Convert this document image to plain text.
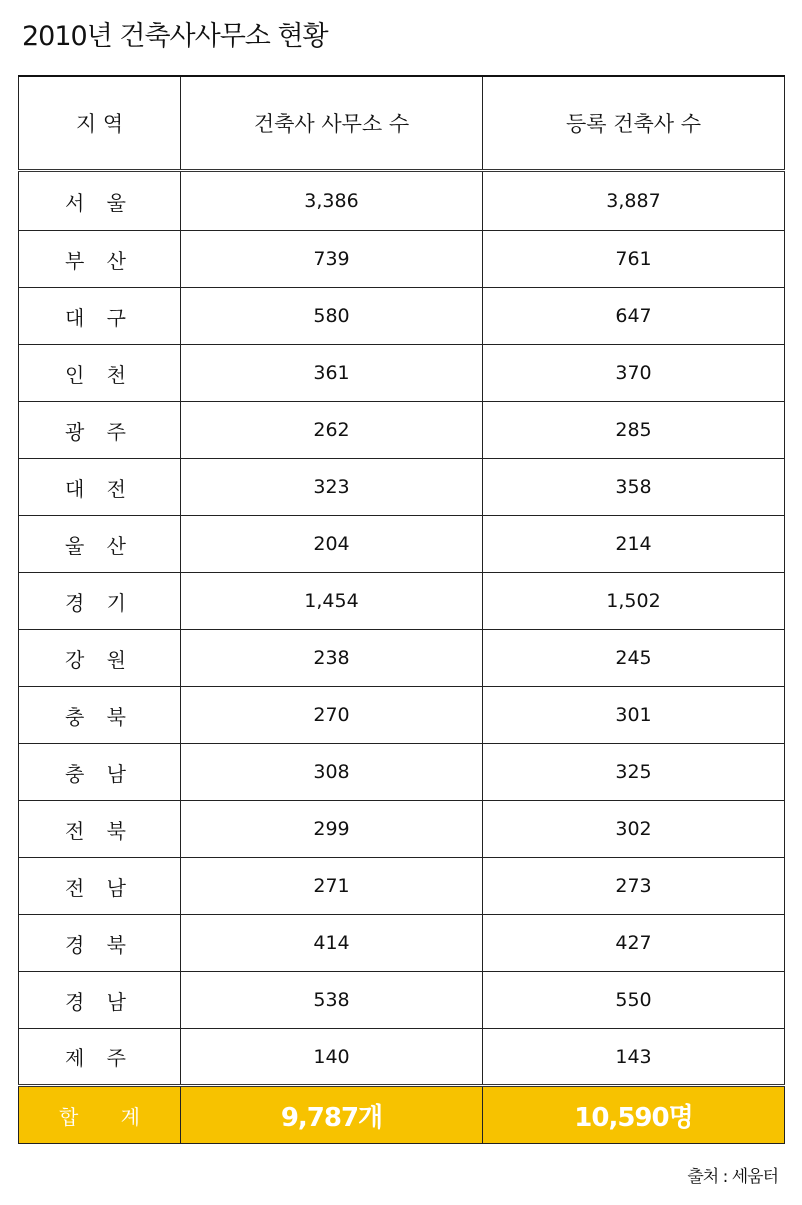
2010년 건축사사무소 현황
지 역	건축사 사무소 수	등록 건축사 수
서 울	3,386	3,887
부 산	739	761
대 구	580	647
인 천	361	370
광 주	262	285
대 전	323	358
울 산	204	214
경 기	1,454	1,502
강 원	238	245
충 북	270	301
충 남	308	325
전 북	299	302
전 남	271	273
경 북	414	427
경 남	538	550
제 주	140	143
합 계	9,787개	10,590명
출처 : 세움터
